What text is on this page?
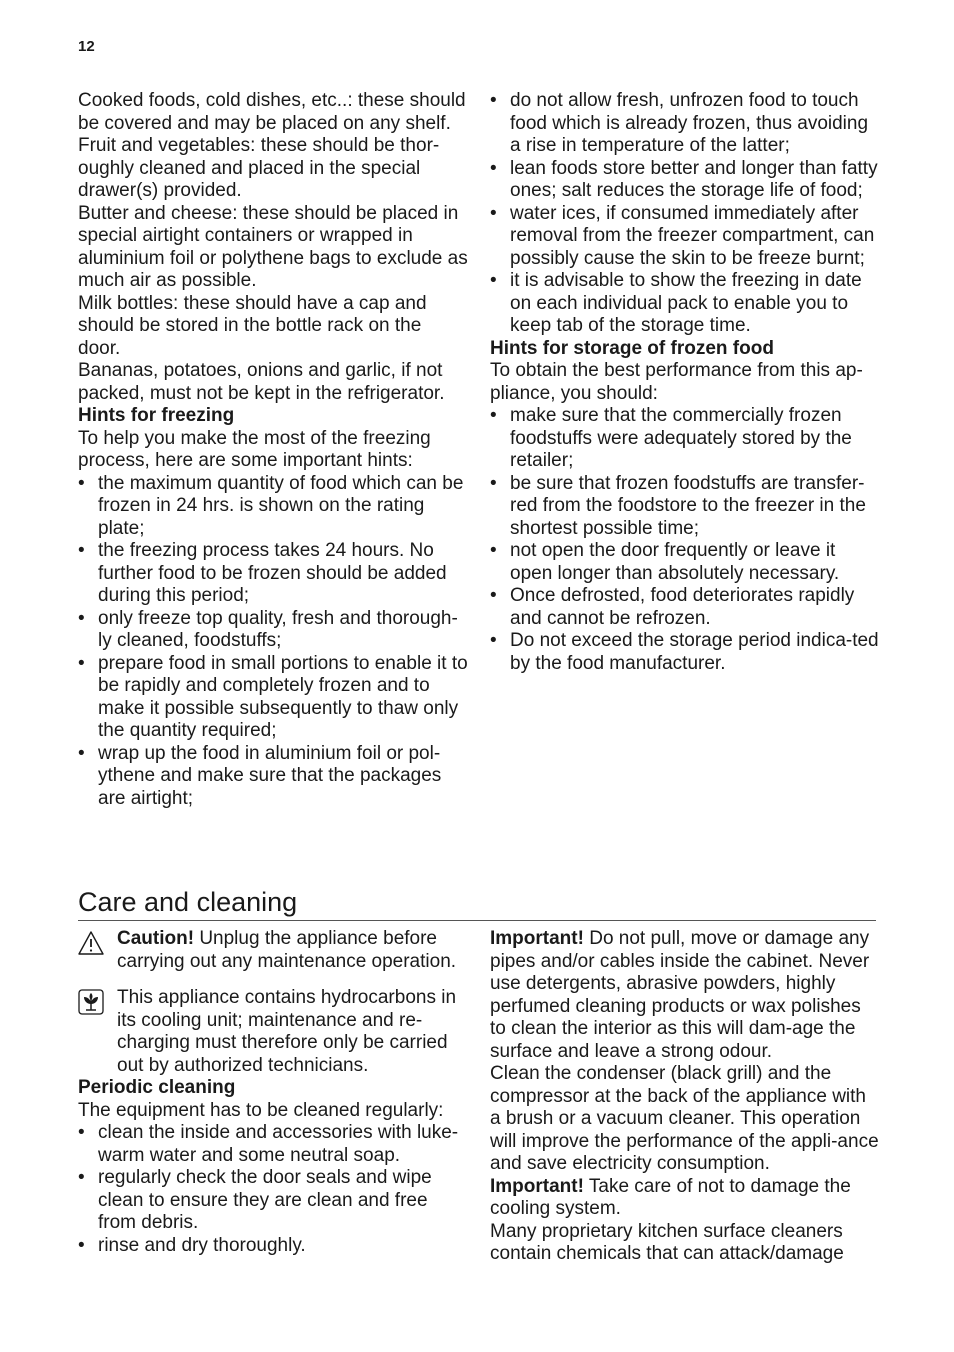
12

Cooked foods, cold dishes, etc..: these should be covered and may be placed on any shelf.

Fruit and vegetables: these should be thor-oughly cleaned and placed in the special drawer(s) provided.

Butter and cheese: these should be placed in special airtight containers or wrapped in aluminium foil or polythene bags to exclude as much air as possible.

Milk bottles: these should have a cap and should be stored in the bottle rack on the door.

Bananas, potatoes, onions and garlic, if not packed, must not be kept in the refrigerator.

Hints for freezing

To help you make the most of the freezing process, here are some important hints:

• the maximum quantity of food which can be frozen in 24 hrs. is shown on the rating plate;
• the freezing process takes 24 hours. No further food to be frozen should be added during this period;
• only freeze top quality, fresh and thorough-ly cleaned, foodstuffs;
• prepare food in small portions to enable it to be rapidly and completely frozen and to make it possible subsequently to thaw only the quantity required;
• wrap up the food in aluminium foil or pol-ythene and make sure that the packages are airtight;
• do not allow fresh, unfrozen food to touch food which is already frozen, thus avoiding a rise in temperature of the latter;
• lean foods store better and longer than fatty ones; salt reduces the storage life of food;
• water ices, if consumed immediately after removal from the freezer compartment, can possibly cause the skin to be freeze burnt;
• it is advisable to show the freezing in date on each individual pack to enable you to keep tab of the storage time.
Hints for storage of frozen food

To obtain the best performance from this ap-pliance, you should:

• make sure that the commercially frozen foodstuffs were adequately stored by the retailer;
• be sure that frozen foodstuffs are transfer-red from the foodstore to the freezer in the shortest possible time;
• not open the door frequently or leave it open longer than absolutely necessary.
• Once defrosted, food deteriorates rapidly and cannot be refrozen.
• Do not exceed the storage period indica-ted by the food manufacturer.
Care and cleaning

Caution! Unplug the appliance before carrying out any maintenance operation.

This appliance contains hydrocarbons in its cooling unit; maintenance and re-charging must therefore only be carried out by authorized technicians.

Periodic cleaning

The equipment has to be cleaned regularly:

• clean the inside and accessories with luke-warm water and some neutral soap.
• regularly check the door seals and wipe clean to ensure they are clean and free from debris.
• rinse and dry thoroughly.

Important! Do not pull, move or damage any pipes and/or cables inside the cabinet. Never use detergents, abrasive powders, highly perfumed cleaning products or wax polishes to clean the interior as this will dam-age the surface and leave a strong odour.

Clean the condenser (black grill) and the compressor at the back of the appliance with a brush or a vacuum cleaner. This operation will improve the performance of the appli-ance and save electricity consumption.

Important! Take care of not to damage the cooling system.

Many proprietary kitchen surface cleaners contain chemicals that can attack/damage
